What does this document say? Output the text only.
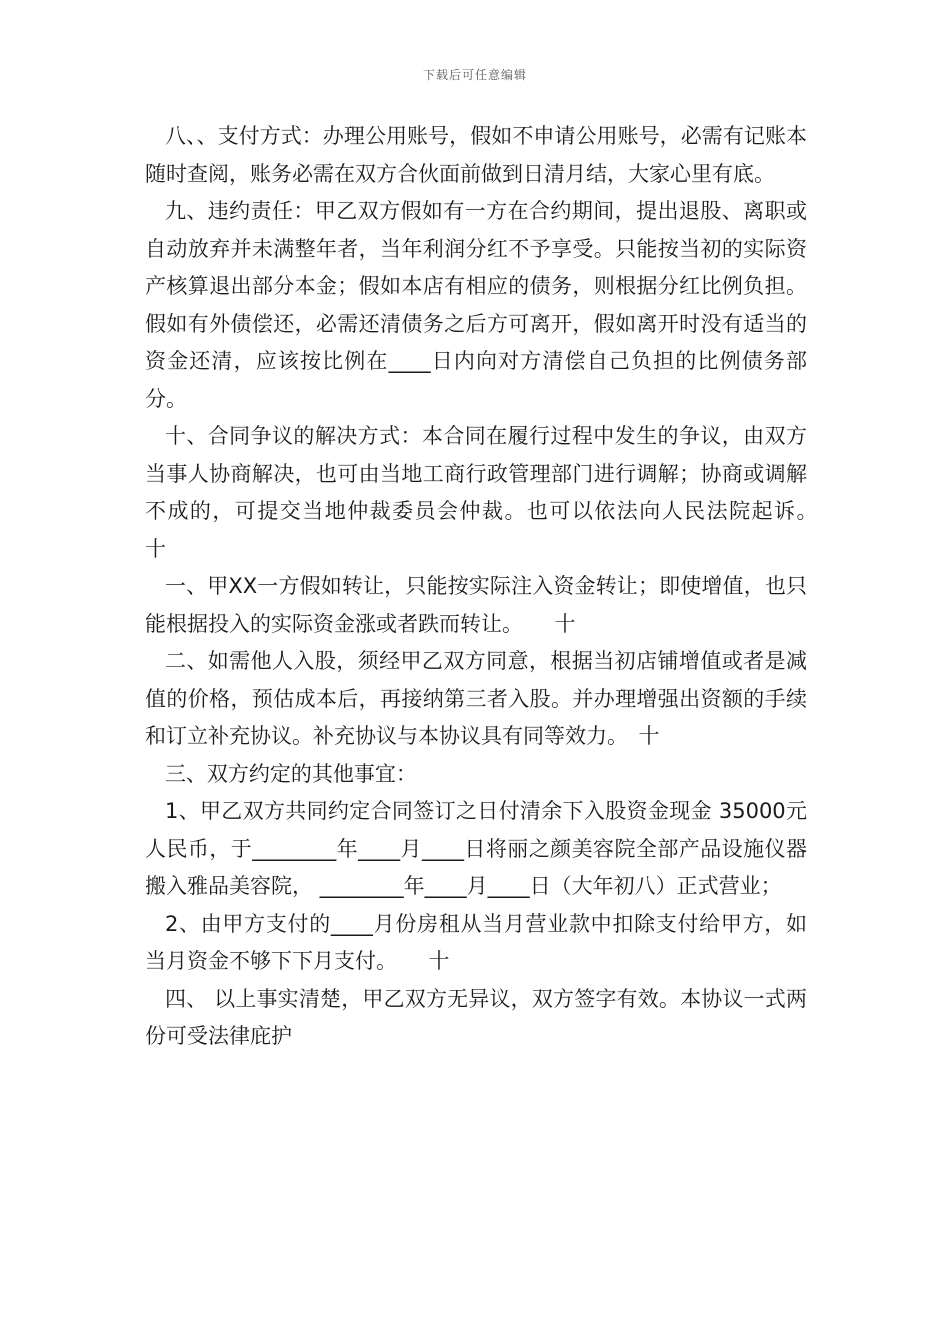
下载后可任意编辑

八、、支付方式：办理公用账号，假如不申请公用账号，必需有记账本随时查阅，账务必需在双方合伙面前做到日清月结，大家心里有底。

九、违约责任：甲乙双方假如有一方在合约期间，提出退股、离职或自动放弃并未满整年者，当年利润分红不予享受。只能按当初的实际资产核算退出部分本金；假如本店有相应的债务，则根据分红比例负担。假如有外债偿还，必需还清债务之后方可离开，假如离开时没有适当的资金还清，应该按比例在____日内向对方清偿自己负担的比例债务部分。

十、合同争议的解决方式：本合同在履行过程中发生的争议，由双方当事人协商解决，也可由当地工商行政管理部门进行调解；协商或调解不成的，可提交当地仲裁委员会仲裁。也可以依法向人民法院起诉。　　十

一、甲XX一方假如转让，只能按实际注入资金转让；即使增值，也只能根据投入的实际资金涨或者跌而转让。　　十

二、如需他人入股，须经甲乙双方同意，根据当初店铺增值或者是减值的价格，预估成本后，再接纳第三者入股。并办理增强出资额的手续和订立补充协议。补充协议与本协议具有同等效力。　十

三、双方约定的其他事宜：

1、甲乙双方共同约定合同签订之日付清余下入股资金现金 35000元人民币，于________年____月____日将丽之颜美容院全部产品设施仪器搬入雅品美容院， ________年____月____日（大年初八）正式营业；

2、由甲方支付的____月份房租从当月营业款中扣除支付给甲方，如当月资金不够下下月支付。　　十

四、 以上事实清楚，甲乙双方无异议，双方签字有效。本协议一式两份可受法律庇护
